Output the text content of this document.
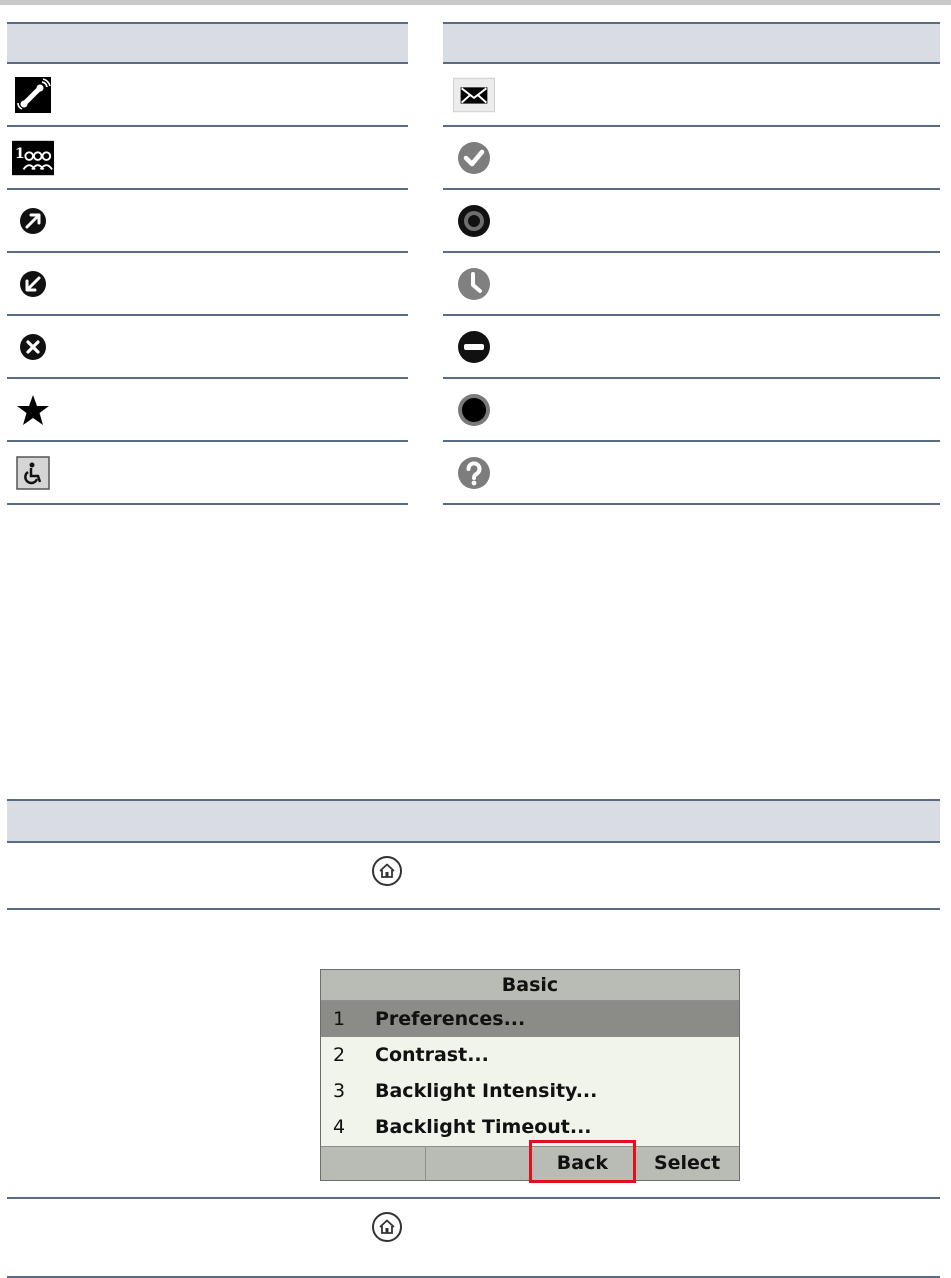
1
Basic
1 Preferences...
2 Contrast...
3 Backlight Intensity...
4 Backlight Timeout...
Back	Select
